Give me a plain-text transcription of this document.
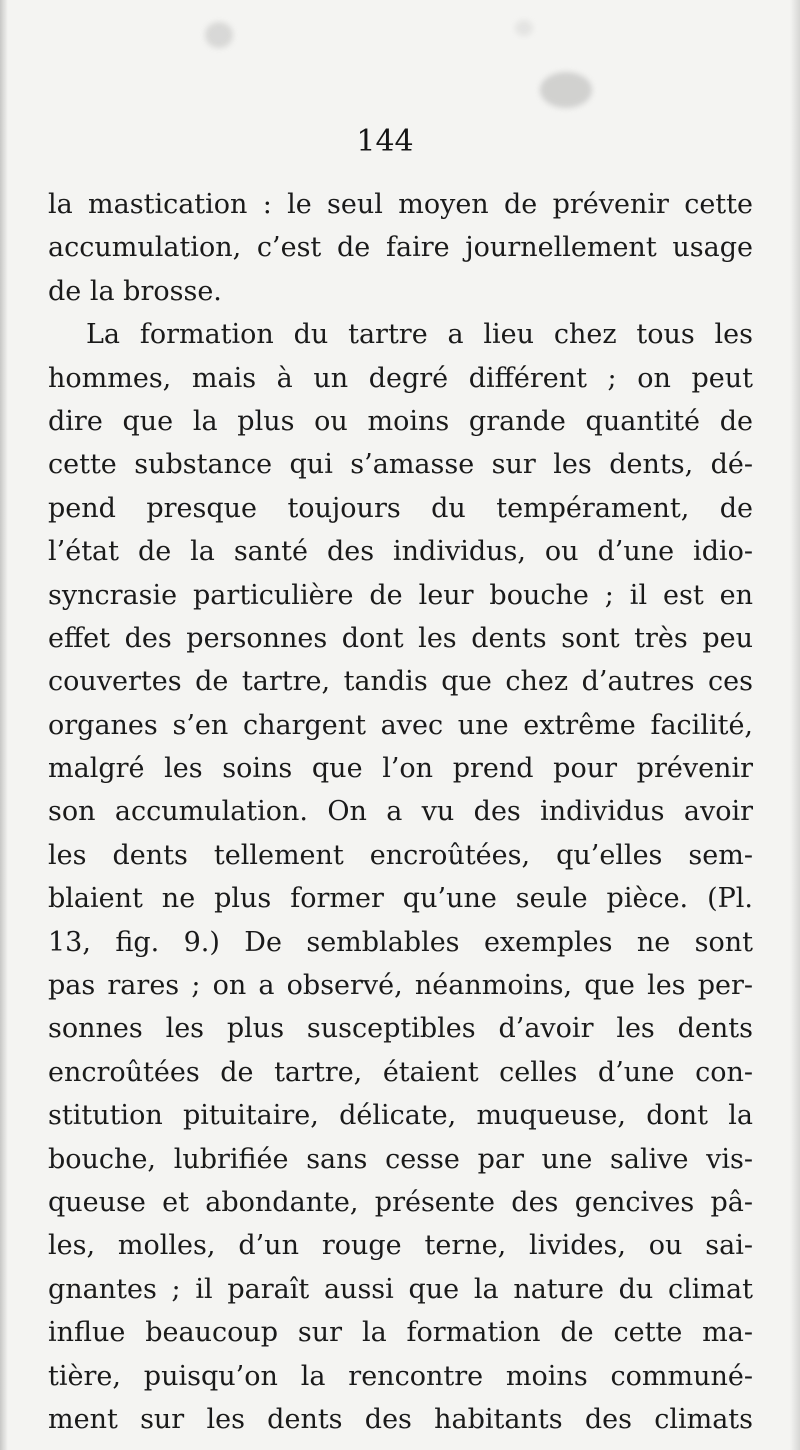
144
la mastication : le seul moyen de prévenir cette
accumulation, c’est de faire journellement usage
de la brosse.
La formation du tartre a lieu chez tous les
hommes, mais à un degré différent ; on peut
dire que la plus ou moins grande quantité de
cette substance qui s’amasse sur les dents, dé-
pend presque toujours du tempérament, de
l’état de la santé des individus, ou d’une idio-
syncrasie particulière de leur bouche ; il est en
effet des personnes dont les dents sont très peu
couvertes de tartre, tandis que chez d’autres ces
organes s’en chargent avec une extrême facilité,
malgré les soins que l’on prend pour prévenir
son accumulation. On a vu des individus avoir
les dents tellement encroûtées, qu’elles sem-
blaient ne plus former qu’une seule pièce. (Pl.
13, fig. 9.) De semblables exemples ne sont
pas rares ; on a observé, néanmoins, que les per-
sonnes les plus susceptibles d’avoir les dents
encroûtées de tartre, étaient celles d’une con-
stitution pituitaire, délicate, muqueuse, dont la
bouche, lubrifiée sans cesse par une salive vis-
queuse et abondante, présente des gencives pâ-
les, molles, d’un rouge terne, livides, ou sai-
gnantes ; il paraît aussi que la nature du climat
influe beaucoup sur la formation de cette ma-
tière, puisqu’on la rencontre moins communé-
ment sur les dents des habitants des climats
